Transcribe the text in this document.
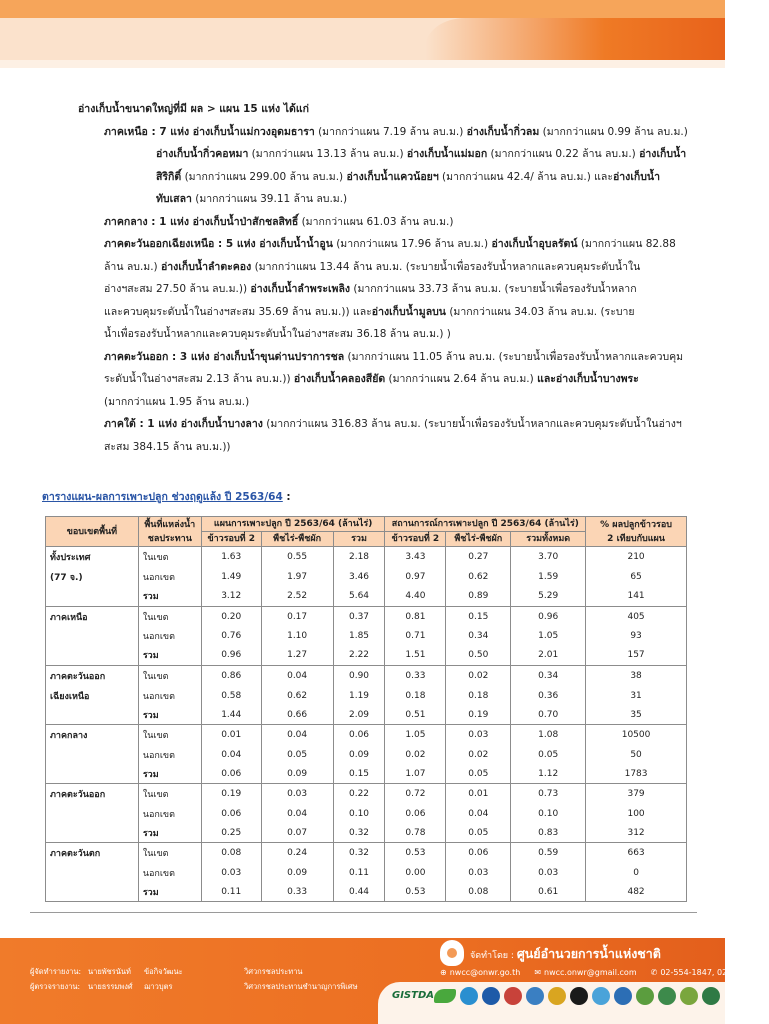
อ่างเก็บน้ำขนาดใหญ่ที่มี ผล > แผน 15 แห่ง ได้แก่
ภาคเหนือ : 7 แห่ง อ่างเก็บน้ำแม่กวงอุดมธารา (มากกว่าแผน 7.19 ล้าน ลบ.ม.) อ่างเก็บน้ำกิ่วลม (มากกว่าแผน 0.99 ล้าน ลบ.ม.)
อ่างเก็บน้ำกิ่วคอหมา (มากกว่าแผน 13.13 ล้าน ลบ.ม.) อ่างเก็บน้ำแม่มอก (มากกว่าแผน 0.22 ล้าน ลบ.ม.) อ่างเก็บน้ำ
สิริกิติ์ (มากกว่าแผน 299.00 ล้าน ลบ.ม.) อ่างเก็บน้ำแควน้อยฯ (มากกว่าแผน 42.4/ ล้าน ลบ.ม.) และอ่างเก็บน้ำ
ทับเสลา (มากกว่าแผน 39.11 ล้าน ลบ.ม.)
ภาคกลาง : 1 แห่ง อ่างเก็บน้ำป่าสักชลสิทธิ์ (มากกว่าแผน 61.03 ล้าน ลบ.ม.)
ภาคตะวันออกเฉียงเหนือ : 5 แห่ง อ่างเก็บน้ำน้ำอูน (มากกว่าแผน 17.96 ล้าน ลบ.ม.) อ่างเก็บน้ำอุบลรัตน์ (มากกว่าแผน 82.88
ล้าน ลบ.ม.) อ่างเก็บน้ำลำตะคอง (มากกว่าแผน 13.44 ล้าน ลบ.ม. (ระบายน้ำเพื่อรองรับน้ำหลากและควบคุมระดับน้ำใน
อ่างฯสะสม 27.50 ล้าน ลบ.ม.)) อ่างเก็บน้ำลำพระเพลิง (มากกว่าแผน 33.73 ล้าน ลบ.ม. (ระบายน้ำเพื่อรองรับน้ำหลาก
และควบคุมระดับน้ำในอ่างฯสะสม 35.69 ล้าน ลบ.ม.)) และอ่างเก็บน้ำมูลบน (มากกว่าแผน 34.03 ล้าน ลบ.ม. (ระบาย
น้ำเพื่อรองรับน้ำหลากและควบคุมระดับน้ำในอ่างฯสะสม 36.18 ล้าน ลบ.ม.) )
ภาคตะวันออก : 3 แห่ง อ่างเก็บน้ำขุนด่านปราการชล (มากกว่าแผน 11.05 ล้าน ลบ.ม. (ระบายน้ำเพื่อรองรับน้ำหลากและควบคุม
ระดับน้ำในอ่างฯสะสม 2.13 ล้าน ลบ.ม.)) อ่างเก็บน้ำคลองสียัด (มากกว่าแผน 2.64 ล้าน ลบ.ม.) และอ่างเก็บน้ำบางพระ
(มากกว่าแผน 1.95 ล้าน ลบ.ม.)
ภาคใต้ : 1 แห่ง อ่างเก็บน้ำบางลาง (มากกว่าแผน 316.83 ล้าน ลบ.ม. (ระบายน้ำเพื่อรองรับน้ำหลากและควบคุมระดับน้ำในอ่างฯ
สะสม 384.15 ล้าน ลบ.ม.))
ตารางแผน-ผลการเพาะปลูก ช่วงฤดูแล้ง ปี 2563/64 :
ขอบเขตพื้นที่	พื้นที่แหล่งน้ำ
ชลประทาน	แผนการเพาะปลูก ปี 2563/64 (ล้านไร่)			สถานการณ์การเพาะปลูก ปี 2563/64 (ล้านไร่)			% ผลปลูกข้าวรอบ
2 เทียบกับแผน
		ข้าวรอบที่ 2	พืชไร่-พืชผัก	รวม	ข้าวรอบที่ 2	พืชไร่-พืชผัก	รวมทั้งหมด	
ทั้งประเทศ	ในเขต	1.63	0.55	2.18	3.43	0.27	3.70	210
(77 จ.)	นอกเขต	1.49	1.97	3.46	0.97	0.62	1.59	65
	รวม	3.12	2.52	5.64	4.40	0.89	5.29	141
ภาคเหนือ	ในเขต	0.20	0.17	0.37	0.81	0.15	0.96	405
	นอกเขต	0.76	1.10	1.85	0.71	0.34	1.05	93
	รวม	0.96	1.27	2.22	1.51	0.50	2.01	157
ภาคตะวันออก	ในเขต	0.86	0.04	0.90	0.33	0.02	0.34	38
เฉียงเหนือ	นอกเขต	0.58	0.62	1.19	0.18	0.18	0.36	31
	รวม	1.44	0.66	2.09	0.51	0.19	0.70	35
ภาคกลาง	ในเขต	0.01	0.04	0.06	1.05	0.03	1.08	10500
	นอกเขต	0.04	0.05	0.09	0.02	0.02	0.05	50
	รวม	0.06	0.09	0.15	1.07	0.05	1.12	1783
ภาคตะวันออก	ในเขต	0.19	0.03	0.22	0.72	0.01	0.73	379
	นอกเขต	0.06	0.04	0.10	0.06	0.04	0.10	100
	รวม	0.25	0.07	0.32	0.78	0.05	0.83	312
ภาคตะวันตก	ในเขต	0.08	0.24	0.32	0.53	0.06	0.59	663
	นอกเขต	0.03	0.09	0.11	0.00	0.03	0.03	0
	รวม	0.11	0.33	0.44	0.53	0.08	0.61	482
ผู้จัดทำรายงาน: นายพัชรนันท์	ข้อกิจวัฒนะ	วิศวกรชลประทาน
ผู้ตรวจรายงาน:	นายธรรมพงศ์	ฌาวบุตร	วิศวกรชลประทานชำนาญการพิเศษ
จัดทำโดย : ศูนย์อำนวยการน้ำแห่งชาติ
⊕ nwcc@onwr.go.th ✉ nwcc.onwr@gmail.com ✆ 02-554-1847, 02-554-1800
GISTDA
